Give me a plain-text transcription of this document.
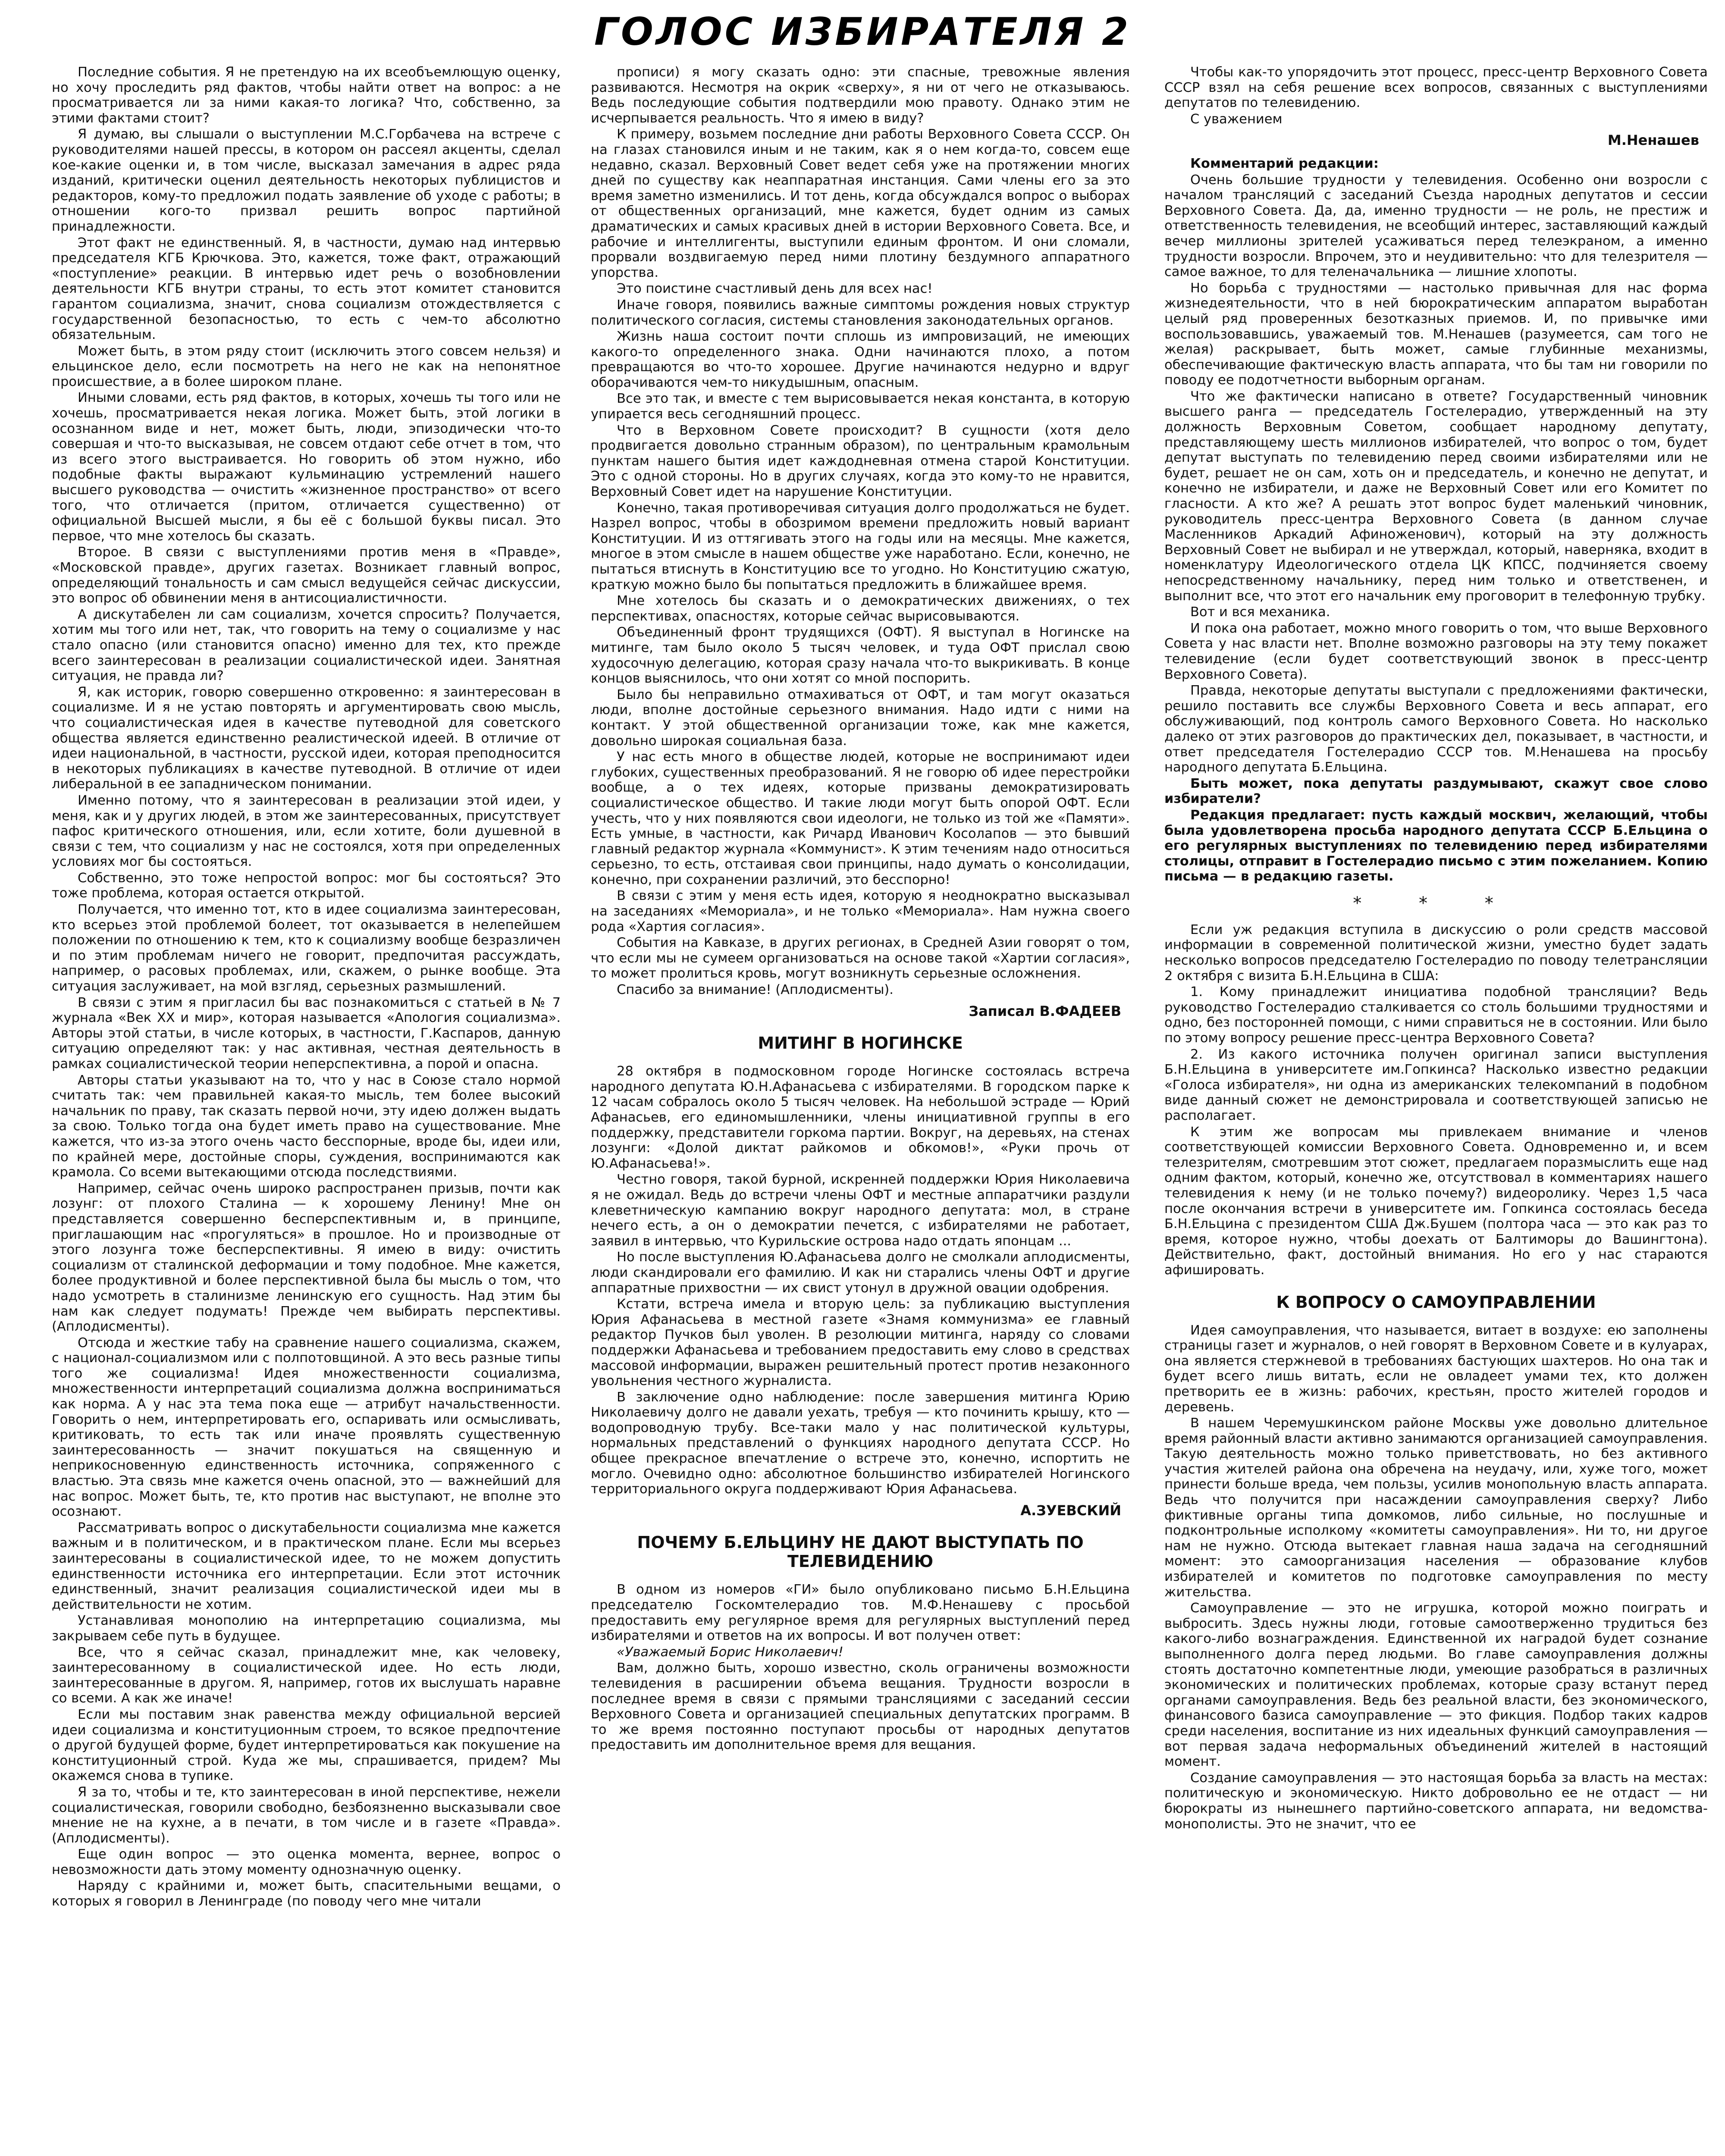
ГОЛОС ИЗБИРАТЕЛЯ 2

Последние события. Я не претендую на их всеобъемлющую оценку, но хочу проследить ряд фактов, чтобы найти ответ на вопрос: а не просматривается ли за ними какая-то логика? Что, собственно, за этими фактами стоит?

Я думаю, вы слышали о выступлении М.С.Горбачева на встрече с руководителями нашей прессы, в котором он рассеял акценты, сделал кое-какие оценки и, в том числе, высказал замечания в адрес ряда изданий, критически оценил деятельность некоторых публицистов и редакторов, кому-то предложил подать заявление об уходе с работы; в отношении кого-то призвал решить вопрос партийной принадлежности.

Этот факт не единственный. Я, в частности, думаю над интервью председателя КГБ Крючкова. Это, кажется, тоже факт, отражающий «поступление» реакции. В интервью идет речь о возобновлении деятельности КГБ внутри страны, то есть этот комитет становится гарантом социализма, значит, снова социализм отождествляется с государственной безопасностью, то есть с чем-то абсолютно обязательным.

Может быть, в этом ряду стоит (исключить этого совсем нельзя) и ельцинское дело, если посмотреть на него не как на непонятное происшествие, а в более широком плане.

Иными словами, есть ряд фактов, в которых, хочешь ты того или не хочешь, просматривается некая логика. Может быть, этой логики в осознанном виде и нет, может быть, люди, эпизодически что-то совершая и что-то высказывая, не совсем отдают себе отчет в том, что из всего этого выстраивается. Но говорить об этом нужно, ибо подобные факты выражают кульминацию устремлений нашего высшего руководства — очистить «жизненное пространство» от всего того, что отличается (притом, отличается существенно) от официальной Высшей мысли, я бы её с большой буквы писал. Это первое, что мне хотелось бы сказать.

Второе. В связи с выступлениями против меня в «Правде», «Московской правде», других газетах. Возникает главный вопрос, определяющий тональность и сам смысл ведущейся сейчас дискуссии, это вопрос об обвинении меня в антисоциалистичности.

А дискутабелен ли сам социализм, хочется спросить? Получается, хотим мы того или нет, так, что говорить на тему о социализме у нас стало опасно (или становится опасно) именно для тех, кто прежде всего заинтересован в реализации социалистической идеи. Занятная ситуация, не правда ли?

Я, как историк, говорю совершенно откровенно: я заинтересован в социализме. И я не устаю повторять и аргументировать свою мысль, что социалистическая идея в качестве путеводной для советского общества является единственно реалистической идеей. В отличие от идеи национальной, в частности, русской идеи, которая преподносится в некоторых публикациях в качестве путеводной. В отличие от идеи либеральной в ее западническом понимании.

Именно потому, что я заинтересован в реализации этой идеи, у меня, как и у других людей, в этом же заинтересованных, присутствует пафос критического отношения, или, если хотите, боли душевной в связи с тем, что социализм у нас не состоялся, хотя при определенных условиях мог бы состояться.

Собственно, это тоже непростой вопрос: мог бы состояться? Это тоже проблема, которая остается открытой.

Получается, что именно тот, кто в идее социализма заинтересован, кто всерьез этой проблемой болеет, тот оказывается в нелепейшем положении по отношению к тем, кто к социализму вообще безразличен и по этим проблемам ничего не говорит, предпочитая рассуждать, например, о расовых проблемах, или, скажем, о рынке вообще. Эта ситуация заслуживает, на мой взгляд, серьезных размышлений.

В связи с этим я пригласил бы вас познакомиться с статьей в № 7 журнала «Век XX и мир», которая называется «Апология социализма». Авторы этой статьи, в числе которых, в частности, Г.Каспаров, данную ситуацию определяют так: у нас активная, честная деятельность в рамках социалистической теории неперспективна, а порой и опасна.

Авторы статьи указывают на то, что у нас в Союзе стало нормой считать так: чем правильней какая-то мысль, тем более высокий начальник по праву, так сказать первой ночи, эту идею должен выдать за свою. Только тогда она будет иметь право на существование. Мне кажется, что из-за этого очень часто бесспорные, вроде бы, идеи или, по крайней мере, достойные споры, суждения, воспринимаются как крамола. Со всеми вытекающими отсюда последствиями.

Например, сейчас очень широко распространен призыв, почти как лозунг: от плохого Сталина — к хорошему Ленину! Мне он представляется совершенно бесперспективным и, в принципе, приглашающим нас «прогуляться» в прошлое. Но и производные от этого лозунга тоже бесперспективны. Я имею в виду: очистить социализм от сталинской деформации и тому подобное. Мне кажется, более продуктивной и более перспективной была бы мысль о том, что надо усмотреть в сталинизме ленинскую его сущность. Над этим бы нам как следует подумать! Прежде чем выбирать перспективы. (Аплодисменты).

Отсюда и жесткие табу на сравнение нашего социализма, скажем, с национал-социализмом или с полпотовщиной. А это весь разные типы того же социализма! Идея множественности социализма, множественности интерпретаций социализма должна восприниматься как норма. А у нас эта тема пока еще — атрибут начальственности. Говорить о нем, интерпретировать его, оспаривать или осмысливать, критиковать, то есть так или иначе проявлять существенную заинтересованность — значит покушаться на священную и неприкосновенную единственность источника, сопряженного с властью. Эта связь мне кажется очень опасной, это — важнейший для нас вопрос. Может быть, те, кто против нас выступают, не вполне это осознают.

Рассматривать вопрос о дискутабельности социализма мне кажется важным и в политическом, и в практическом плане. Если мы всерьез заинтересованы в социалистической идее, то не можем допустить единственности источника его интерпретации. Если этот источник единственный, значит реализация социалистической идеи мы в действительности не хотим.

Устанавливая монополию на интерпретацию социализма, мы закрываем себе путь в будущее.

Все, что я сейчас сказал, принадлежит мне, как человеку, заинтересованному в социалистической идее. Но есть люди, заинтересованные в другом. Я, например, готов их выслушать наравне со всеми. А как же иначе!

Если мы поставим знак равенства между официальной версией идеи социализма и конституционным строем, то всякое предпочтение о другой будущей форме, будет интерпретироваться как покушение на конституционный строй. Куда же мы, спрашивается, придем? Мы окажемся снова в тупике.

Я за то, чтобы и те, кто заинтересован в иной перспективе, нежели социалистическая, говорили свободно, безбоязненно высказывали свое мнение не на кухне, а в печати, в том числе и в газете «Правда». (Аплодисменты).

Еще один вопрос — это оценка момента, вернее, вопрос о невозможности дать этому моменту однозначную оценку.

Наряду с крайними и, может быть, спасительными вещами, о которых я говорил в Ленинграде (по поводу чего мне читали

прописи) я могу сказать одно: эти спасные, тревожные явления развиваются. Несмотря на окрик «сверху», я ни от чего не отказываюсь. Ведь последующие события подтвердили мою правоту. Однако этим не исчерпывается реальность. Что я имею в виду?

К примеру, возьмем последние дни работы Верховного Совета СССР. Он на глазах становился иным и не таким, как я о нем когда-то, совсем еще недавно, сказал. Верховный Совет ведет себя уже на протяжении многих дней по существу как неаппаратная инстанция. Сами члены его за это время заметно изменились. И тот день, когда обсуждался вопрос о выборах от общественных организаций, мне кажется, будет одним из самых драматических и самых красивых дней в истории Верховного Совета. Все, и рабочие и интеллигенты, выступили единым фронтом. И они сломали, прорвали воздвигаемую перед ними плотину бездумного аппаратного упорства.

Это поистине счастливый день для всех нас!

Иначе говоря, появились важные симптомы рождения новых структур политического согласия, системы становления законодательных органов.

Жизнь наша состоит почти сплошь из импровизаций, не имеющих какого-то определенного знака. Одни начинаются плохо, а потом превращаются во что-то хорошее. Другие начинаются недурно и вдруг оборачиваются чем-то никудышным, опасным.

Все это так, и вместе с тем вырисовывается некая константа, в которую упирается весь сегодняшний процесс.

Что в Верховном Совете происходит? В сущности (хотя дело продвигается довольно странным образом), по центральным крамольным пунктам нашего бытия идет каждодневная отмена старой Конституции. Это с одной стороны. Но в других случаях, когда это кому-то не нравится, Верховный Совет идет на нарушение Конституции.

Конечно, такая противоречивая ситуация долго продолжаться не будет. Назрел вопрос, чтобы в обозримом времени предложить новый вариант Конституции. И из оттягивать этого на годы или на месяцы. Мне кажется, многое в этом смысле в нашем обществе уже наработано. Если, конечно, не пытаться втиснуть в Конституцию все то угодно. Но Конституцию сжатую, краткую можно было бы попытаться предложить в ближайшее время.

Мне хотелось бы сказать и о демократических движениях, о тех перспективах, опасностях, которые сейчас вырисовываются.

Объединенный фронт трудящихся (ОФТ). Я выступал в Ногинске на митинге, там было около 5 тысяч человек, и туда ОФТ прислал свою худосочную делегацию, которая сразу начала что-то выкрикивать. В конце концов выяснилось, что они хотят со мной поспорить.

Было бы неправильно отмахиваться от ОФТ, и там могут оказаться люди, вполне достойные серьезного внимания. Надо идти с ними на контакт. У этой общественной организации тоже, как мне кажется, довольно широкая социальная база.

У нас есть много в обществе людей, которые не воспринимают идеи глубоких, существенных преобразований. Я не говорю об идее перестройки вообще, а о тех идеях, которые призваны демократизировать социалистическое общество. И такие люди могут быть опорой ОФТ. Если учесть, что у них появляются свои идеологи, не только из той же «Памяти». Есть умные, в частности, как Ричард Иванович Косолапов — это бывший главный редактор журнала «Коммунист». К этим течениям надо относиться серьезно, то есть, отстаивая свои принципы, надо думать о консолидации, конечно, при сохранении различий, это бесспорно!

В связи с этим у меня есть идея, которую я неоднократно высказывал на заседаниях «Мемориала», и не только «Мемориала». Нам нужна своего рода «Хартия согласия».

События на Кавказе, в других регионах, в Средней Азии говорят о том, что если мы не сумеем организоваться на основе такой «Хартии согласия», то может пролиться кровь, могут возникнуть серьезные осложнения.

Спасибо за внимание! (Аплодисменты).

Записал В.ФАДЕЕВ
МИТИНГ В НОГИНСКЕ

28 октября в подмосковном городе Ногинске состоялась встреча народного депутата Ю.Н.Афанасьева с избирателями. В городском парке к 12 часам собралось около 5 тысяч человек. На небольшой эстраде — Юрий Афанасьев, его единомышленники, члены инициативной группы в его поддержку, представители горкома партии. Вокруг, на деревьях, на стенах лозунги: «Долой диктат райкомов и обкомов!», «Руки прочь от Ю.Афанасьева!».

Честно говоря, такой бурной, искренней поддержки Юрия Николаевича я не ожидал. Ведь до встречи члены ОФТ и местные аппаратчики раздули клеветническую кампанию вокруг народного депутата: мол, в стране нечего есть, а он о демократии печется, с избирателями не работает, заявил в интервью, что Курильские острова надо отдать японцам ...

Но после выступления Ю.Афанасьева долго не смолкали аплодисменты, люди скандировали его фамилию. И как ни старались члены ОФТ и другие аппаратные прихвостни — их свист утонул в дружной овации одобрения.

Кстати, встреча имела и вторую цель: за публикацию выступления Юрия Афанасьева в местной газете «Знамя коммунизма» ее главный редактор Пучков был уволен. В резолюции митинга, наряду со словами поддержки Афанасьева и требованием предоставить ему слово в средствах массовой информации, выражен решительный протест против незаконного увольнения честного журналиста.

В заключение одно наблюдение: после завершения митинга Юрию Николаевичу долго не давали уехать, требуя — кто починить крышу, кто — водопроводную трубу. Все-таки мало у нас политической культуры, нормальных представлений о функциях народного депутата СССР. Но общее прекрасное впечатление о встрече это, конечно, испортить не могло. Очевидно одно: абсолютное большинство избирателей Ногинского территориального округа поддерживают Юрия Афанасьева.

А.ЗУЕВСКИЙ
ПОЧЕМУ Б.ЕЛЬЦИНУ НЕ ДАЮТ ВЫСТУПАТЬ ПО ТЕЛЕВИДЕНИЮ

В одном из номеров «ГИ» было опубликовано письмо Б.Н.Ельцина председателю Госкомтелерадио тов. М.Ф.Ненашеву с просьбой предоставить ему регулярное время для регулярных выступлений перед избирателями и ответов на их вопросы. И вот получен ответ:

«Уважаемый Борис Николаевич!

Вам, должно быть, хорошо известно, сколь ограничены возможности телевидения в расширении объема вещания. Трудности возросли в последнее время в связи с прямыми трансляциями с заседаний сессии Верховного Совета и организацией специальных депутатских программ. В то же время постоянно поступают просьбы от народных депутатов предоставить им дополнительное время для вещания.

Чтобы как-то упорядочить этот процесс, пресс-центр Верховного Совета СССР взял на себя решение всех вопросов, связанных с выступлениями депутатов по телевидению.

С уважением

М.Ненашев

Комментарий редакции:

Очень большие трудности у телевидения. Особенно они возросли с началом трансляций с заседаний Съезда народных депутатов и сессии Верховного Совета. Да, да, именно трудности — не роль, не престиж и ответственность телевидения, не всеобщий интерес, заставляющий каждый вечер миллионы зрителей усаживаться перед телеэкраном, а именно трудности возросли. Впрочем, это и неудивительно: что для телезрителя — самое важное, то для теленачальника — лишние хлопоты.

Но борьба с трудностями — настолько привычная для нас форма жизнедеятельности, что в ней бюрократическим аппаратом выработан целый ряд проверенных безотказных приемов. И, по привычке ими воспользовавшись, уважаемый тов. М.Ненашев (разумеется, сам того не желая) раскрывает, быть может, самые глубинные механизмы, обеспечивающие фактическую власть аппарата, что бы там ни говорили по поводу ее подотчетности выборным органам.

Что же фактически написано в ответе? Государственный чиновник высшего ранга — председатель Гостелерадио, утвержденный на эту должность Верховным Советом, сообщает народному депутату, представляющему шесть миллионов избирателей, что вопрос о том, будет депутат выступать по телевидению перед своими избирателями или не будет, решает не он сам, хоть он и председатель, и конечно не депутат, и конечно не избиратели, и даже не Верховный Совет или его Комитет по гласности. А кто же? А решать этот вопрос будет маленький чиновник, руководитель пресс-центра Верховного Совета (в данном случае Масленников Аркадий Афиноженович), который на эту должность Верховный Совет не выбирал и не утверждал, который, наверняка, входит в номенклатуру Идеологического отдела ЦК КПСС, подчиняется своему непосредственному начальнику, перед ним только и ответственен, и выполнит все, что этот его начальник ему проговорит в телефонную трубку.

Вот и вся механика.

И пока она работает, можно много говорить о том, что выше Верховного Совета у нас власти нет. Вполне возможно разговоры на эту тему покажет телевидение (если будет соответствующий звонок в пресс-центр Верховного Совета).

Правда, некоторые депутаты выступали с предложениями фактически, решило поставить все службы Верховного Совета и весь аппарат, его обслуживающий, под контроль самого Верховного Совета. Но насколько далеко от этих разговоров до практических дел, показывает, в частности, и ответ председателя Гостелерадио СССР тов. М.Ненашева на просьбу народного депутата Б.Ельцина.

Быть может, пока депутаты раздумывают, скажут свое слово избиратели?

Редакция предлагает: пусть каждый москвич, желающий, чтобы была удовлетворена просьба народного депутата СССР Б.Ельцина о его регулярных выступлениях по телевидению перед избирателями столицы, отправит в Гостелерадио письмо с этим пожеланием. Копию письма — в редакцию газеты.

* * *

Если уж редакция вступила в дискуссию о роли средств массовой информации в современной политической жизни, уместно будет задать несколько вопросов председателю Гостелерадио по поводу телетрансляции 2 октября с визита Б.Н.Ельцина в США:

1. Кому принадлежит инициатива подобной трансляции? Ведь руководство Гостелерадио сталкивается со столь большими трудностями и одно, без посторонней помощи, с ними справиться не в состоянии. Или было по этому вопросу решение пресс-центра Верховного Совета?

2. Из какого источника получен оригинал записи выступления Б.Н.Ельцина в университете им.Гопкинса? Насколько известно редакции «Голоса избирателя», ни одна из американских телекомпаний в подобном виде данный сюжет не демонстрировала и соответствующей записью не располагает.

К этим же вопросам мы привлекаем внимание и членов соответствующей комиссии Верховного Совета. Одновременно и, и всем телезрителям, смотревшим этот сюжет, предлагаем поразмыслить еще над одним фактом, который, конечно же, отсутствовал в комментариях нашего телевидения к нему (и не только почему?) видеоролику. Через 1,5 часа после окончания встречи в университете им. Гопкинса состоялась беседа Б.Н.Ельцина с президентом США Дж.Бушем (полтора часа — это как раз то время, которое нужно, чтобы доехать от Балтиморы до Вашингтона). Действительно, факт, достойный внимания. Но его у нас стараются афишировать.

К ВОПРОСУ О САМОУПРАВЛЕНИИ

Идея самоуправления, что называется, витает в воздухе: ею заполнены страницы газет и журналов, о ней говорят в Верховном Совете и в кулуарах, она является стержневой в требованиях бастующих шахтеров. Но она так и будет всего лишь витать, если не овладеет умами тех, кто должен претворить ее в жизнь: рабочих, крестьян, просто жителей городов и деревень.

В нашем Черемушкинском районе Москвы уже довольно длительное время районный власти активно занимаются организацией самоуправления. Такую деятельность можно только приветствовать, но без активного участия жителей района она обречена на неудачу, или, хуже того, может принести больше вреда, чем пользы, усилив монопольную власть аппарата. Ведь что получится при насаждении самоуправления сверху? Либо фиктивные органы типа домкомов, либо сильные, но послушные и подконтрольные исполкому «комитеты самоуправления». Ни то, ни другое нам не нужно. Отсюда вытекает главная наша задача на сегодняшний момент: это самоорганизация населения — образование клубов избирателей и комитетов по подготовке самоуправления по месту жительства.

Самоуправление — это не игрушка, которой можно поиграть и выбросить. Здесь нужны люди, готовые самоотверженно трудиться без какого-либо вознаграждения. Единственной их наградой будет сознание выполненного долга перед людьми. Во главе самоуправления должны стоять достаточно компетентные люди, умеющие разобраться в различных экономических и политических проблемах, которые сразу встанут перед органами самоуправления. Ведь без реальной власти, без экономического, финансового базиса самоуправление — это фикция. Подбор таких кадров среди населения, воспитание из них идеальных функций самоуправления — вот первая задача неформальных объединений жителей в настоящий момент.

Создание самоуправления — это настоящая борьба за власть на местах: политическую и экономическую. Никто добровольно ее не отдаст — ни бюрократы из нынешнего партийно-советского аппарата, ни ведомства-монополисты. Это не значит, что ее
